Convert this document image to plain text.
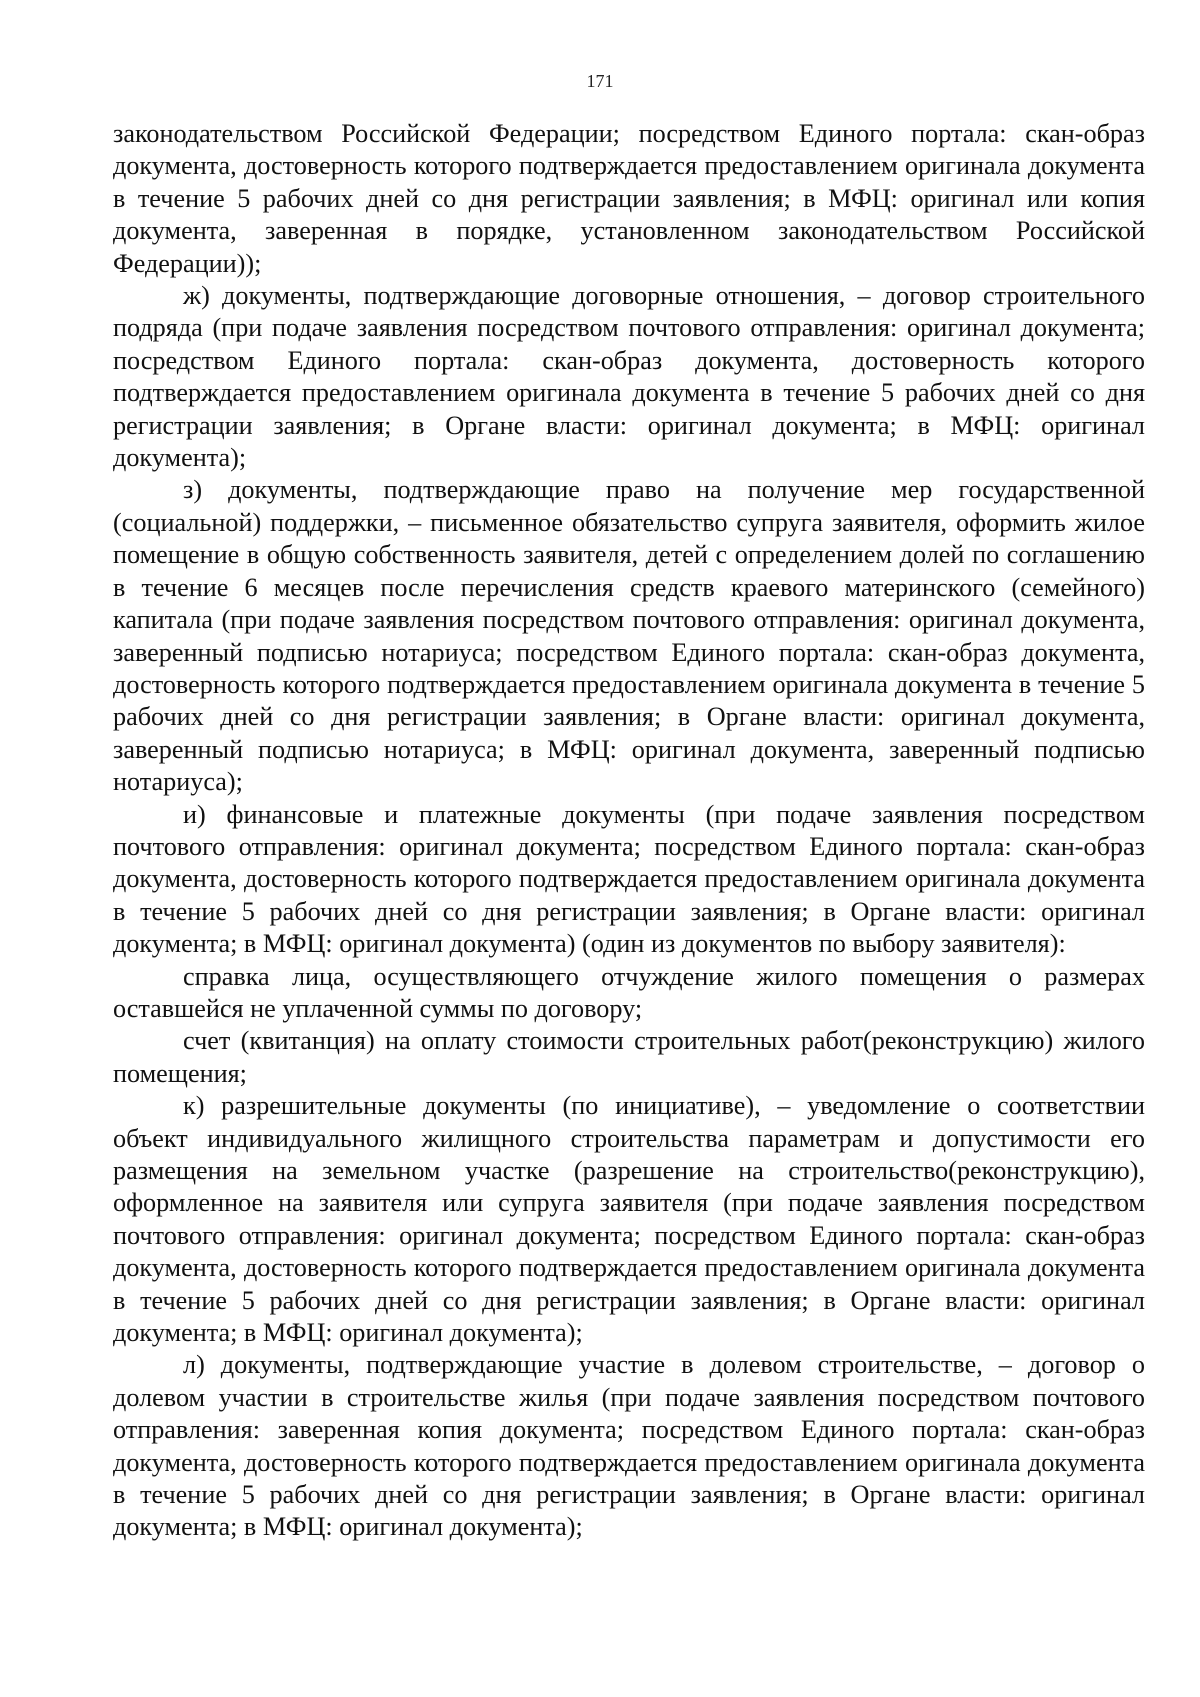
171

законодательством Российской Федерации; посредством Единого портала: скан-образ документа, достоверность которого подтверждается предоставлением оригинала документа в течение 5 рабочих дней со дня регистрации заявления; в МФЦ: оригинал или копия документа, заверенная в порядке, установленном законодательством Российской Федерации));

ж) документы, подтверждающие договорные отношения, – договор строительного подряда (при подаче заявления посредством почтового отправления: оригинал документа; посредством Единого портала: скан-образ документа, достоверность которого подтверждается предоставлением оригинала документа в течение 5 рабочих дней со дня регистрации заявления; в Органе власти: оригинал документа; в МФЦ: оригинал документа);

з) документы, подтверждающие право на получение мер государственной (социальной) поддержки, – письменное обязательство супруга заявителя, оформить жилое помещение в общую собственность заявителя, детей с определением долей по соглашению в течение 6 месяцев после перечисления средств краевого материнского (семейного) капитала (при подаче заявления посредством почтового отправления: оригинал документа, заверенный подписью нотариуса; посредством Единого портала: скан-образ документа, достоверность которого подтверждается предоставлением оригинала документа в течение 5 рабочих дней со дня регистрации заявления; в Органе власти: оригинал документа, заверенный подписью нотариуса; в МФЦ: оригинал документа, заверенный подписью нотариуса);

и) финансовые и платежные документы (при подаче заявления посредством почтового отправления: оригинал документа; посредством Единого портала: скан-образ документа, достоверность которого подтверждается предоставлением оригинала документа в течение 5 рабочих дней со дня регистрации заявления; в Органе власти: оригинал документа; в МФЦ: оригинал документа) (один из документов по выбору заявителя):

справка лица, осуществляющего отчуждение жилого помещения о размерах оставшейся не уплаченной суммы по договору;

счет (квитанция) на оплату стоимости строительных работ(реконструкцию) жилого помещения;

к) разрешительные документы (по инициативе), – уведомление о соответствии объект индивидуального жилищного строительства параметрам и допустимости его размещения на земельном участке (разрешение на строительство(реконструкцию), оформленное на заявителя или супруга заявителя (при подаче заявления посредством почтового отправления: оригинал документа; посредством Единого портала: скан-образ документа, достоверность которого подтверждается предоставлением оригинала документа в течение 5 рабочих дней со дня регистрации заявления; в Органе власти: оригинал документа; в МФЦ: оригинал документа);

л) документы, подтверждающие участие в долевом строительстве, – договор о долевом участии в строительстве жилья (при подаче заявления посредством почтового отправления: заверенная копия документа; посредством Единого портала: скан-образ документа, достоверность которого подтверждается предоставлением оригинала документа в течение 5 рабочих дней со дня регистрации заявления; в Органе власти: оригинал документа; в МФЦ: оригинал документа);
